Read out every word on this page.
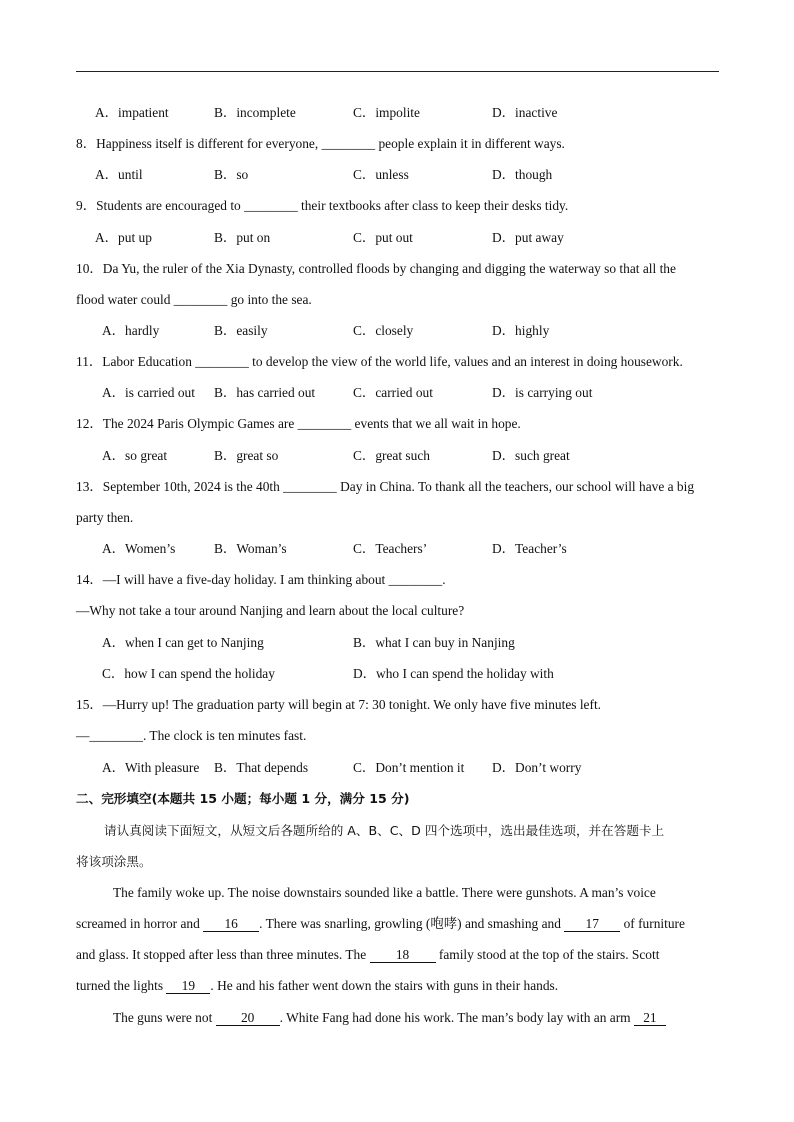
A．impatient	B．incomplete	C．impolite	D．inactive
8．Happiness itself is different for everyone, ________ people explain it in different ways.
A．until	B．so	C．unless	D．though
9．Students are encouraged to ________ their textbooks after class to keep their desks tidy.
A．put up	B．put on	C．put out	D．put away
10．Da Yu, the ruler of the Xia Dynasty, controlled floods by changing and digging the waterway so that all the
flood water could ________ go into the sea.
A．hardly	B．easily	C．closely	D．highly
11．Labor Education ________ to develop the view of the world life, values and an interest in doing housework.
A．is carried out B．has carried out	C．carried out	D．is carrying out
12．The 2024 Paris Olympic Games are ________ events that we all wait in hope.
A．so great	B．great so	C．great such	D．such great
13．September 10th, 2024 is the 40th ________ Day in China. To thank all the teachers, our school will have a big
party then.
A．Women’s	B．Woman’s	C．Teachers’	D．Teacher’s
14．—I will have a five-day holiday. I am thinking about ________.
—Why not take a tour around Nanjing and learn about the local culture?
A．when I can get to Nanjing	B．what I can buy in Nanjing
C．how I can spend the holiday	D．who I can spend the holiday with
15．—Hurry up! The graduation party will begin at 7: 30 tonight. We only have five minutes left.
—________. The clock is ten minutes fast.
A．With pleasure B．That depends	C．Don’t mention it D．Don’t worry
二、完形填空(本题共 15 小题；每小题 1 分，满分 15 分)
请认真阅读下面短文，从短文后各题所给的 A、B、C、D 四个选项中，选出最佳选项，并在答题卡上
将该项涂黑。
The family woke up. The noise downstairs sounded like a battle. There were gunshots. A man’s voice
screamed in horror and 16 . There was snarling, growling (咆哮) and smashing and 17 of furniture
and glass. It stopped after less than three minutes. The 18 family stood at the top of the stairs. Scott
turned the lights 19 . He and his father went down the stairs with guns in their hands.
The guns were not 20 . White Fang had done his work. The man’s body lay with an arm 21
